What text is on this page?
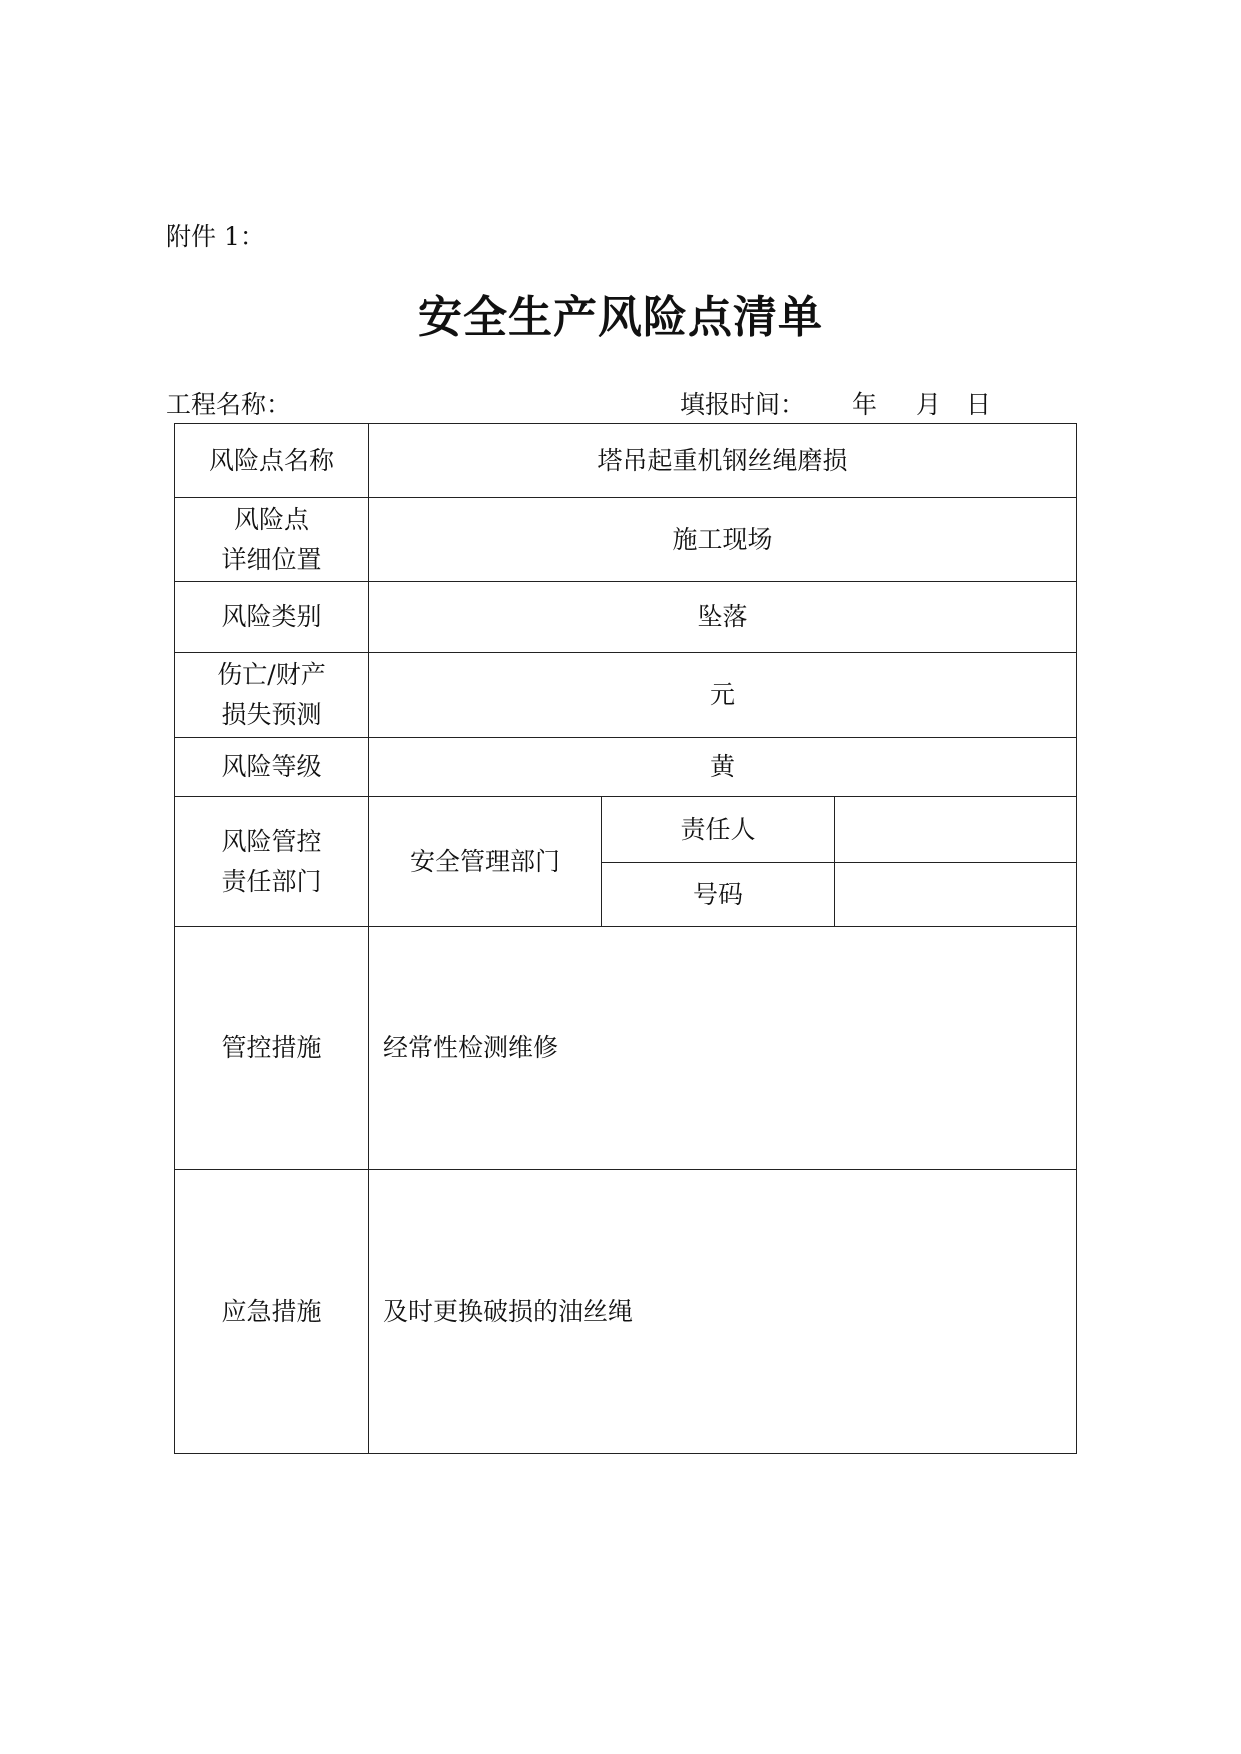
附件 1：
安全生产风险点清单
工程名称：	填报时间： 年 月 日
风险点名称	塔吊起重机钢丝绳磨损		

风险点
详细位置	施工现场		
风险类别	坠落		

伤亡/财产
损失预测	元		
风险等级	黄		

风险管控
责任部门	安全管理部门	责任人	
		号码	
管控措施	经常性检测维修		
应急措施	及时更换破损的油丝绳		
